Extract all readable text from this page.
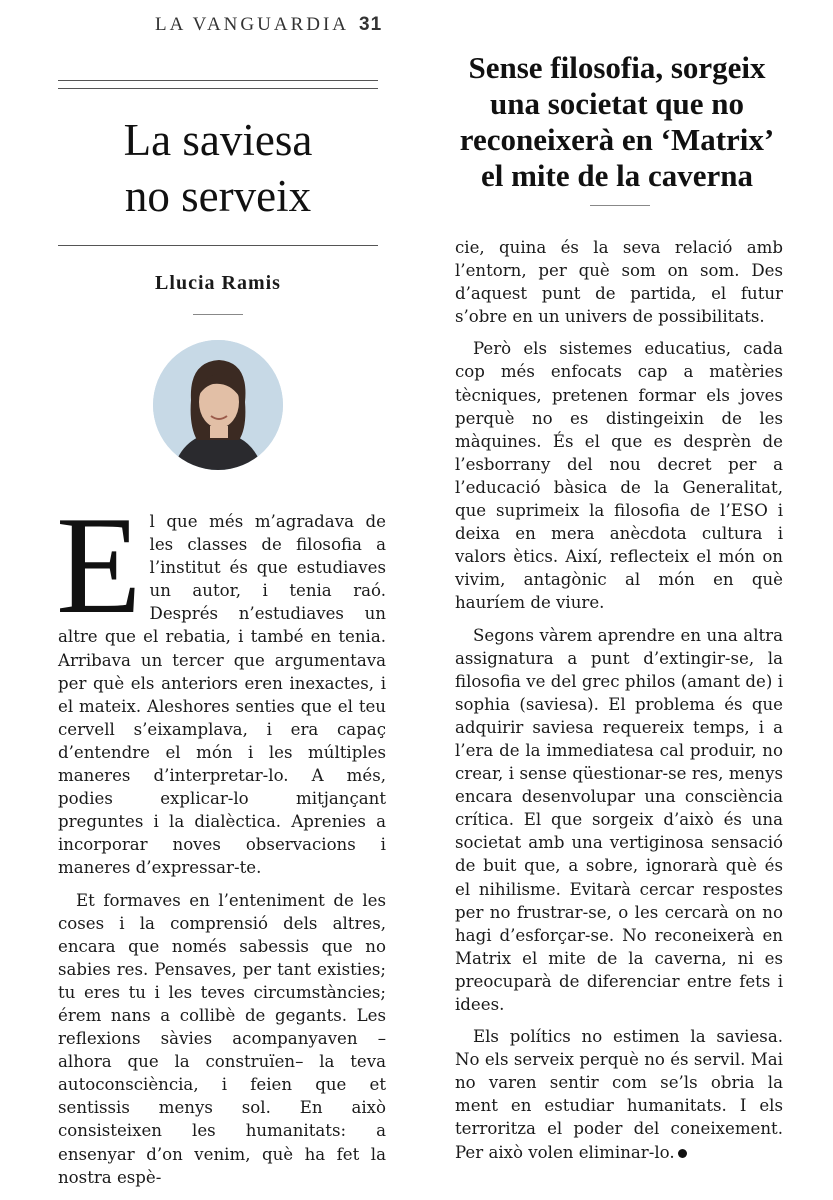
LA VANGUARDIA 31
La saviesa
no serveix
Llucia Ramis
Sense filosofia, sorgeix
una societat que no
reconeixerà en ‘Matrix’
el mite de la caverna

El que més m’agradava de les classes de filosofia a l’institut és que estudiaves un autor, i tenia raó. Després n’estudiaves un altre que el rebatia, i també en tenia. Arribava un tercer que argumentava per què els anteriors eren inexactes, i el mateix. Aleshores senties que el teu cervell s’eixamplava, i era capaç d’entendre el món i les múltiples maneres d’interpretar-lo. A més, podies explicar-lo mitjançant preguntes i la dialèctica. Aprenies a incorporar noves observacions i maneres d’expressar-te.

Et formaves en l’enteniment de les coses i la comprensió dels altres, encara que només sabessis que no sabies res. Pensaves, per tant existies; tu eres tu i les teves circumstàncies; érem nans a collibè de gegants. Les reflexions sàvies acompanyaven –alhora que la construïen– la teva autoconsciència, i feien que et sentissis menys sol. En això consisteixen les humanitats: a ensenyar d’on venim, què ha fet la nostra espè-

cie, quina és la seva relació amb l’entorn, per què som on som. Des d’aquest punt de partida, el futur s’obre en un univers de possibilitats.

Però els sistemes educatius, cada cop més enfocats cap a matèries tècniques, pretenen formar els joves perquè no es distingeixin de les màquines. És el que es desprèn de l’esborrany del nou decret per a l’educació bàsica de la Generalitat, que suprimeix la filosofia de l’ESO i deixa en mera anècdota cultura i valors ètics. Així, reflecteix el món on vivim, antagònic al món en què hauríem de viure.

Segons vàrem aprendre en una altra assignatura a punt d’extingir-se, la filosofia ve del grec philos (amant de) i sophia (saviesa). El problema és que adquirir saviesa requereix temps, i a l’era de la immediatesa cal produir, no crear, i sense qüestionar-se res, menys encara desenvolupar una consciència crítica. El que sorgeix d’això és una societat amb una vertiginosa sensació de buit que, a sobre, ignorarà què és el nihilisme. Evitarà cercar respostes per no frustrar-se, o les cercarà on no hagi d’esforçar-se. No reconeixerà en Matrix el mite de la caverna, ni es preocuparà de diferenciar entre fets i idees.

Els polítics no estimen la saviesa. No els serveix perquè no és servil. Mai no varen sentir com se’ls obria la ment en estudiar humanitats. I els terroritza el poder del coneixement. Per això volen eliminar-lo.
